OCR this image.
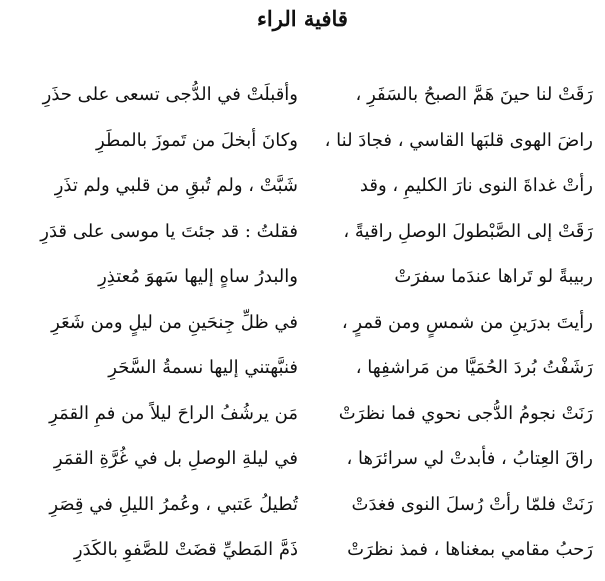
قافية الراء
رَقَتْ لنا حينَ هَمَّ الصبحُ بالسَفَرِ ،
راضَ الهوى قلبَها القاسي ، فجادَ لنا ،
رأتْ غداةَ النوى نارَ الكليمِ ، وقد
رَقَتْ إلى الصَّبْطولَ الوصلِ راقيةً ،
ربيبةً لو تَراها عندَما سفرَتْ
رأيتَ بدرَينِ من شمسٍ ومن قمرٍ ،
رَشَفْتُ بُردَ الحُمَيَّا من مَراشفِها ،
رَنَتْ نجومُ الدُّجى نحوي فما نظرَتْ
راقَ العِتابُ ، فأبدتْ لي سرائرَها ،
رَنَتْ فلمّا رأتْ رُسلَ النوى فغدَتْ
رَحبُ مقامي بمغناها ، فمذ نظرَتْ
وأقبلَتْ في الدُّجى تسعى على حذَرِ
وكانَ أبخلَ من تَموزَ بالمطَرِ
شَبَّتْ ، ولم تُبقِ من قلبي ولم تذَرِ
فقلتُ : قد جئتَ يا موسى على قدَرِ
والبدرُ ساهٍ إليها سَهوَ مُعتذِرِ
في ظلِّ جِنحَينِ من ليلٍ ومن شَعَرِ
فنبَّهتني إليها نسمةُ السَّحَرِ
مَن يرشُفُ الراحَ ليلاً من فمِ القمَرِ
في ليلةِ الوصلِ بل في غُرَّةِ القمَرِ
تُطيلُ عَتبي ، وعُمرُ الليلِ في قِصَرِ
ذَمَّ المَطيِّ قضَتْ للصَّفوِ بالكَدَرِ
